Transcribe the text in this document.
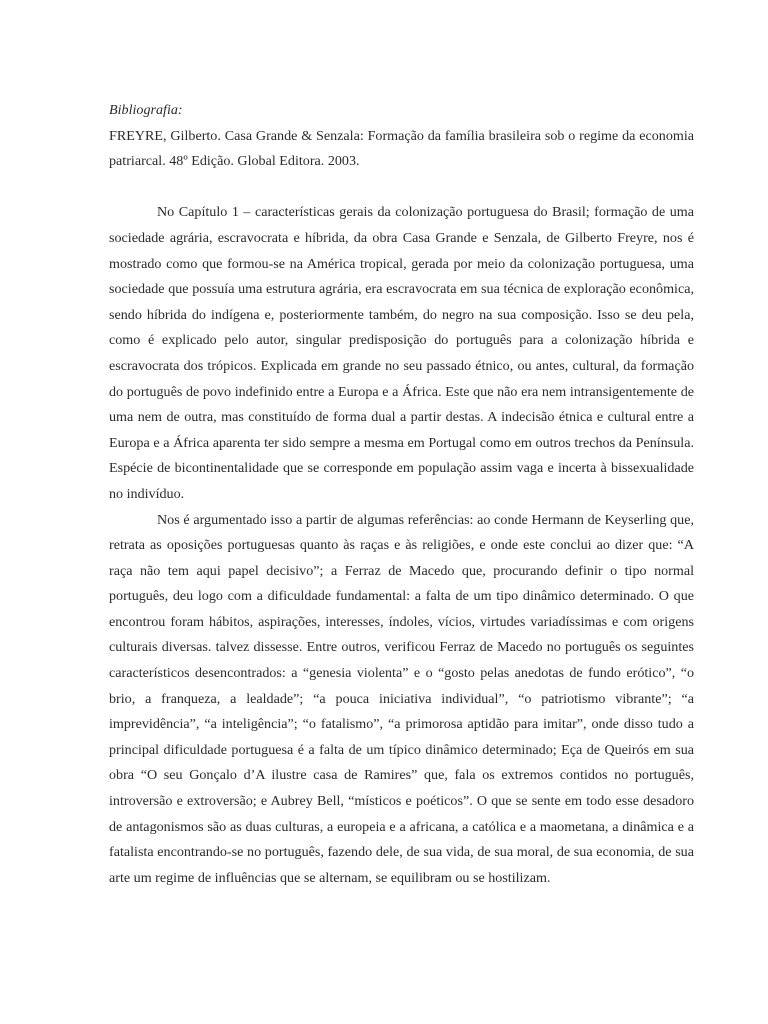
Bibliografia:

FREYRE, Gilberto. Casa Grande & Senzala: Formação da família brasileira sob o regime da economia patriarcal. 48º Edição. Global Editora. 2003.

No Capítulo 1 – características gerais da colonização portuguesa do Brasil; formação de uma sociedade agrária, escravocrata e híbrida, da obra Casa Grande e Senzala, de Gilberto Freyre, nos é mostrado como que formou-se na América tropical, gerada por meio da colonização portuguesa, uma sociedade que possuía uma estrutura agrária, era escravocrata em sua técnica de exploração econômica, sendo híbrida do indígena e, posteriormente também, do negro na sua composição. Isso se deu pela, como é explicado pelo autor, singular predisposição do português para a colonização híbrida e escravocrata dos trópicos. Explicada em grande no seu passado étnico, ou antes, cultural, da formação do português de povo indefinido entre a Europa e a África. Este que não era nem intransigentemente de uma nem de outra, mas constituído de forma dual a partir destas. A indecisão étnica e cultural entre a Europa e a África aparenta ter sido sempre a mesma em Portugal como em outros trechos da Península. Espécie de bicontinentalidade que se corresponde em população assim vaga e incerta à bissexualidade no indivíduo.

Nos é argumentado isso a partir de algumas referências: ao conde Hermann de Keyserling que, retrata as oposições portuguesas quanto às raças e às religiões, e onde este conclui ao dizer que: “A raça não tem aqui papel decisivo”; a Ferraz de Macedo que, procurando definir o tipo normal português, deu logo com a dificuldade fundamental: a falta de um tipo dinâmico determinado. O que encontrou foram hábitos, aspirações, interesses, índoles, vícios, virtudes variadíssimas e com origens culturais diversas. talvez dissesse. Entre outros, verificou Ferraz de Macedo no português os seguintes característicos desencontrados: a “genesia violenta” e o “gosto pelas anedotas de fundo erótico”, “o brio, a franqueza, a lealdade”; “a pouca iniciativa individual”, “o patriotismo vibrante”; “a imprevidência”, “a inteligência”; “o fatalismo”, “a primorosa aptidão para imitar”, onde disso tudo a principal dificuldade portuguesa é a falta de um típico dinâmico determinado; Eça de Queirós em sua obra “O seu Gonçalo d’A ilustre casa de Ramires” que, fala os extremos contidos no português, introversão e extroversão; e Aubrey Bell, “místicos e poéticos”. O que se sente em todo esse desadoro de antagonismos são as duas culturas, a europeia e a africana, a católica e a maometana, a dinâmica e a fatalista encontrando-se no português, fazendo dele, de sua vida, de sua moral, de sua economia, de sua arte um regime de influências que se alternam, se equilibram ou se hostilizam.
